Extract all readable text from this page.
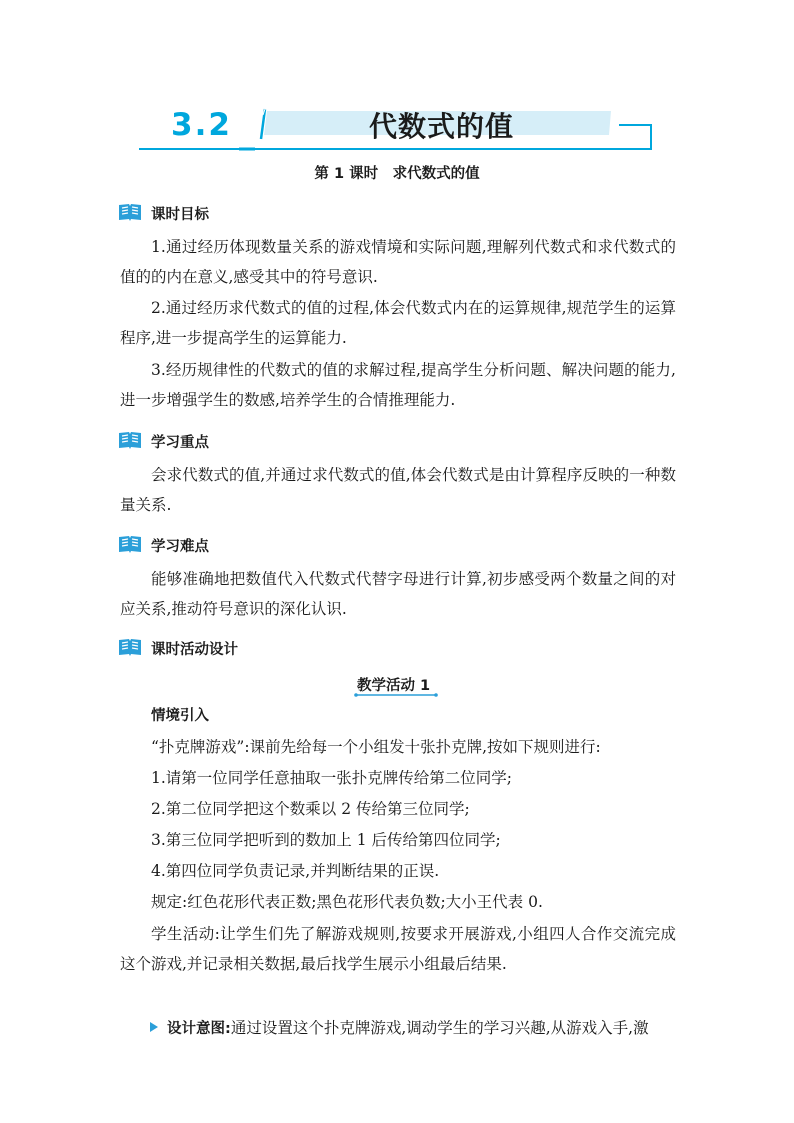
3.2	代数式的值
第 1 课时　求代数式的值
课时目标

1.通过经历体现数量关系的游戏情境和实际问题,理解列代数式和求代数式的值的的内在意义,感受其中的符号意识.

2.通过经历求代数式的值的过程,体会代数式内在的运算规律,规范学生的运算程序,进一步提高学生的运算能力.

3.经历规律性的代数式的值的求解过程,提高学生分析问题、解决问题的能力,进一步增强学生的数感,培养学生的合情推理能力.

学习重点

会求代数式的值,并通过求代数式的值,体会代数式是由计算程序反映的一种数量关系.

学习难点

能够准确地把数值代入代数式代替字母进行计算,初步感受两个数量之间的对应关系,推动符号意识的深化认识.

课时活动设计
教学活动 1

情境引入

“扑克牌游戏”:课前先给每一个小组发十张扑克牌,按如下规则进行:

1.请第一位同学任意抽取一张扑克牌传给第二位同学;

2.第二位同学把这个数乘以 2 传给第三位同学;

3.第三位同学把听到的数加上 1 后传给第四位同学;

4.第四位同学负责记录,并判断结果的正误.

规定:红色花形代表正数;黑色花形代表负数;大小王代表 0.

学生活动:让学生们先了解游戏规则,按要求开展游戏,小组四人合作交流完成这个游戏,并记录相关数据,最后找学生展示小组最后结果.

设计意图:通过设置这个扑克牌游戏,调动学生的学习兴趣,从游戏入手,激
